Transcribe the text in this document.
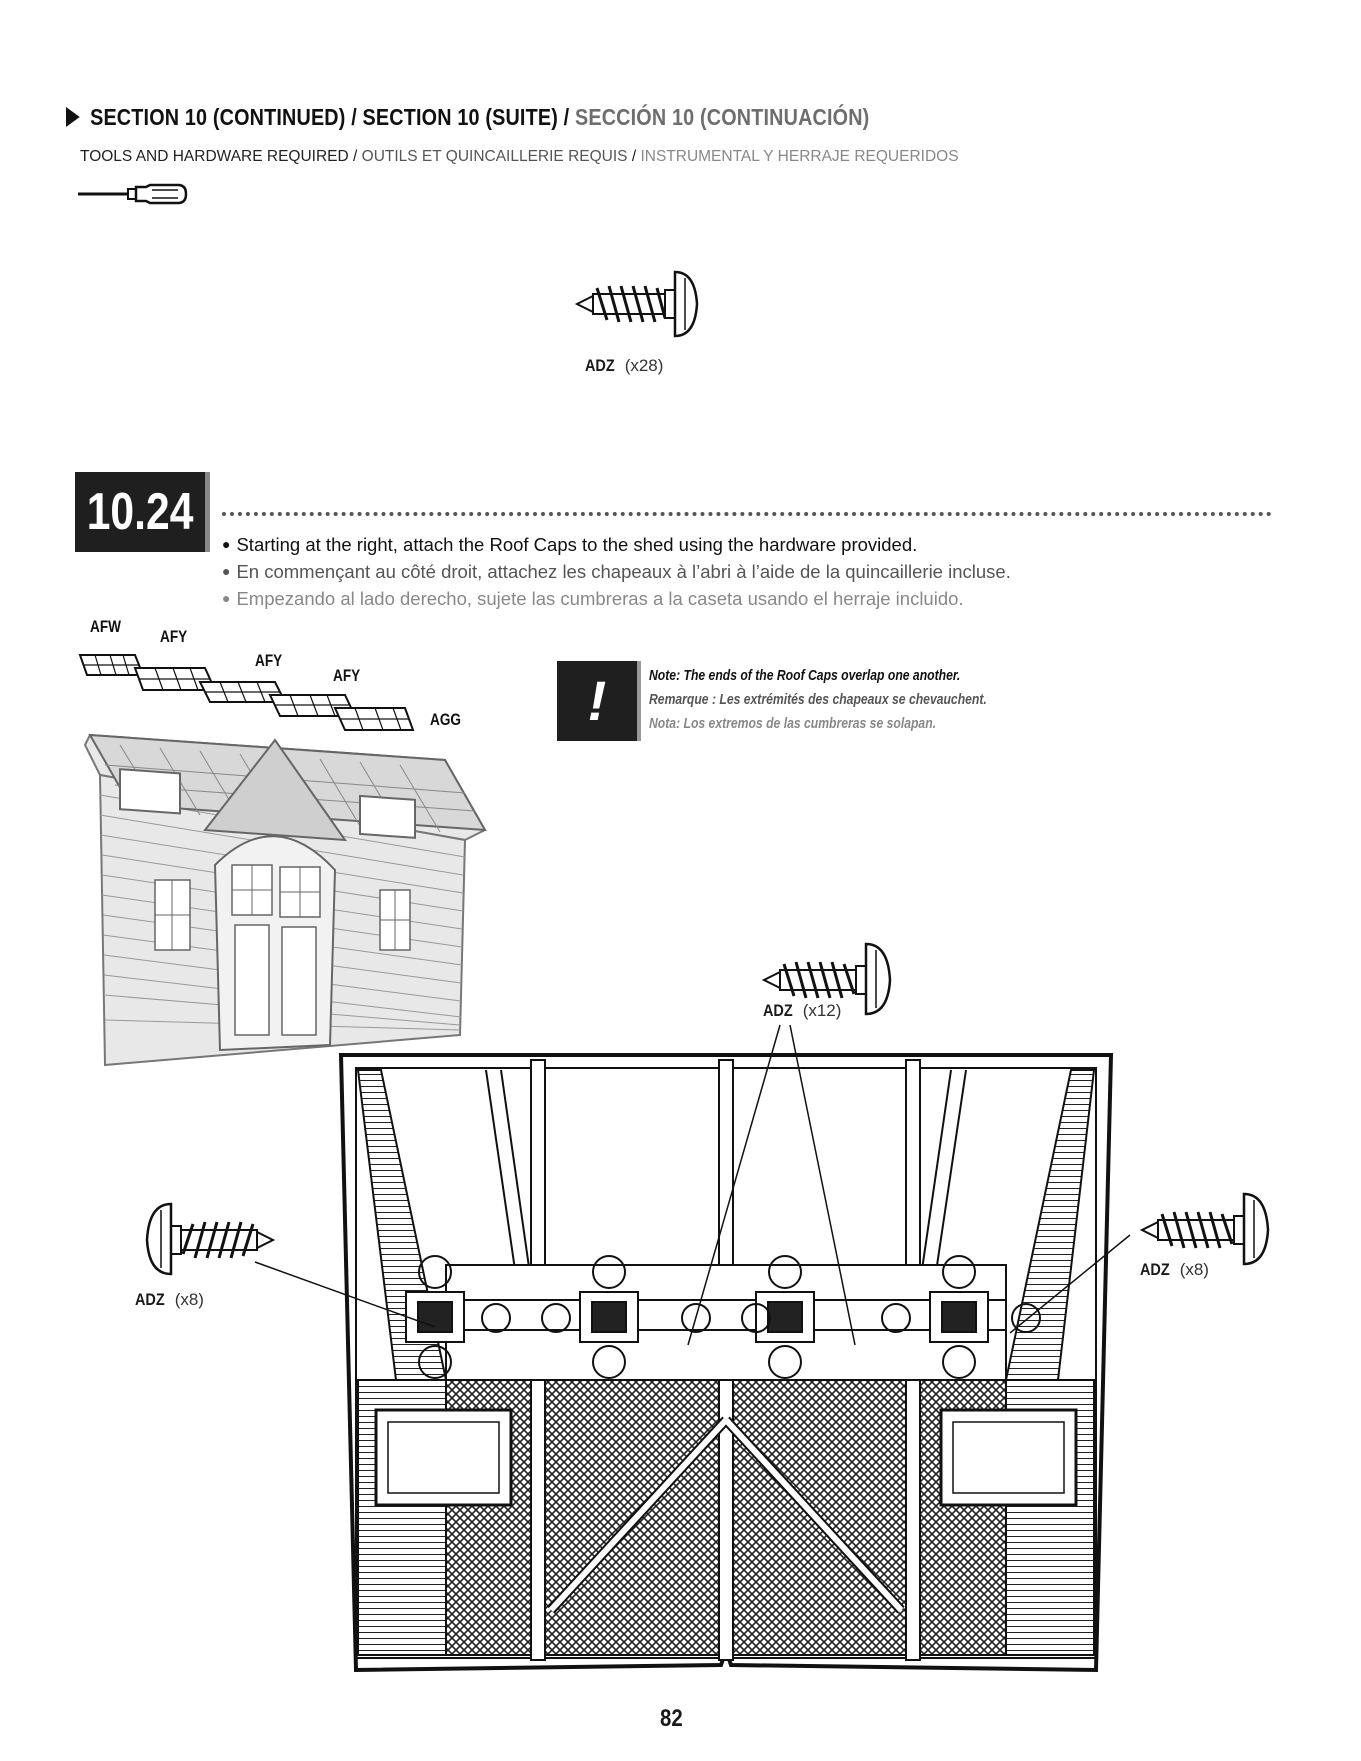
SECTION 10 (CONTINUED) / SECTION 10 (SUITE) / SECCIÓN 10 (CONTINUACIÓN)
TOOLS AND HARDWARE REQUIRED / OUTILS ET QUINCAILLERIE REQUIS / INSTRUMENTAL Y HERRAJE REQUERIDOS
ADZ (x28)
10.24
● Starting at the right, attach the Roof Caps to the shed using the hardware provided.
● En commençant au côté droit, attachez les chapeaux à l’abri à l’aide de la quincaillerie incluse.
● Empezando al lado derecho, sujete las cumbreras a la caseta usando el herraje incluido.
!	Note: The ends of the Roof Caps overlap one another.
Remarque : Les extrémités des chapeaux se chevauchent.
Nota: Los extremos de las cumbreras se solapan.
AFW
AFY
AFY
AFY
AGG
ADZ (x12)
ADZ (x8)
ADZ (x8)
82
